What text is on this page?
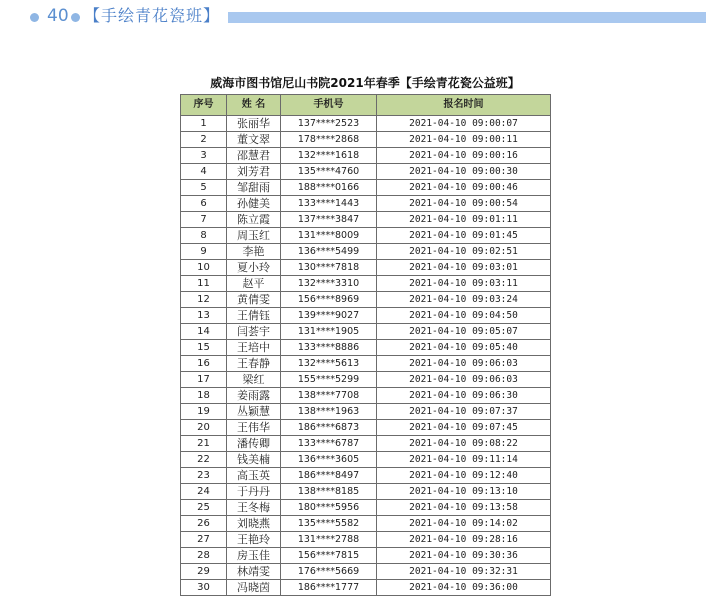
40 【手绘青花瓷班】
威海市图书馆尼山书院2021年春季【手绘青花瓷公益班】
序号	姓 名	手机号	报名时间
1	张丽华	137****2523	2021-04-10 09:00:07
2	董文翠	178****2868	2021-04-10 09:00:11
3	邵慧君	132****1618	2021-04-10 09:00:16
4	刘芳君	135****4760	2021-04-10 09:00:30
5	邹甜雨	188****0166	2021-04-10 09:00:46
6	孙健美	133****1443	2021-04-10 09:00:54
7	陈立霞	137****3847	2021-04-10 09:01:11
8	周玉红	131****8009	2021-04-10 09:01:45
9	李艳	136****5499	2021-04-10 09:02:51
10	夏小玲	130****7818	2021-04-10 09:03:01
11	赵平	132****3310	2021-04-10 09:03:11
12	黄倩雯	156****8969	2021-04-10 09:03:24
13	王倩钰	139****9027	2021-04-10 09:04:50
14	闫荟宇	131****1905	2021-04-10 09:05:07
15	王培中	133****8886	2021-04-10 09:05:40
16	王春静	132****5613	2021-04-10 09:06:03
17	梁红	155****5299	2021-04-10 09:06:03
18	姜雨露	138****7708	2021-04-10 09:06:30
19	丛颖慧	138****1963	2021-04-10 09:07:37
20	王伟华	186****6873	2021-04-10 09:07:45
21	潘传卿	133****6787	2021-04-10 09:08:22
22	钱美楠	136****3605	2021-04-10 09:11:14
23	高玉英	186****8497	2021-04-10 09:12:40
24	于丹丹	138****8185	2021-04-10 09:13:10
25	王冬梅	180****5956	2021-04-10 09:13:58
26	刘晓燕	135****5582	2021-04-10 09:14:02
27	王艳玲	131****2788	2021-04-10 09:28:16
28	房玉佳	156****7815	2021-04-10 09:30:36
29	林靖雯	176****5669	2021-04-10 09:32:31
30	冯晓茵	186****1777	2021-04-10 09:36:00
